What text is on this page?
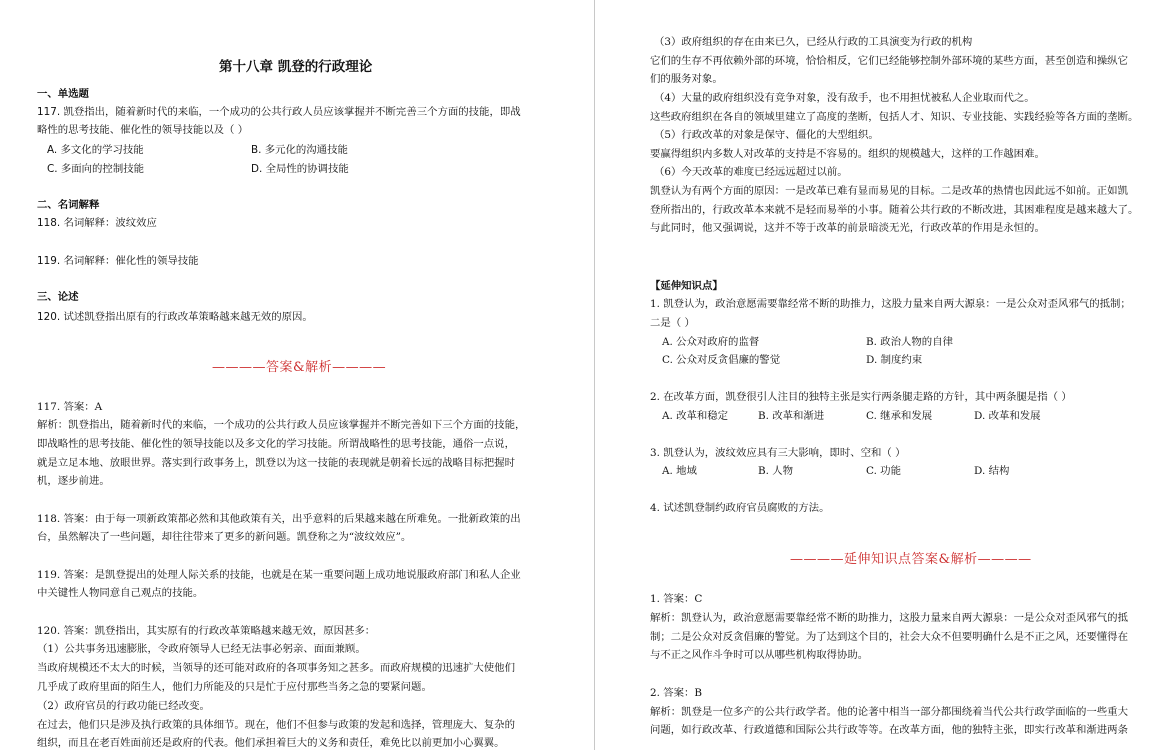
第十八章 凯登的行政理论
一、单选题
117. 凯登指出，随着新时代的来临，一个成功的公共行政人员应该掌握并不断完善三个方面的技能，即战
略性的思考技能、催化性的领导技能以及（ ）
A. 多文化的学习技能	B. 多元化的沟通技能
C. 多面向的控制技能	D. 全局性的协调技能
二、名词解释
118. 名词解释：波纹效应
119. 名词解释：催化性的领导技能
三、论述
120. 试述凯登指出原有的行政改革策略越来越无效的原因。
————答案&解析————
117. 答案：A
解析：凯登指出，随着新时代的来临，一个成功的公共行政人员应该掌握并不断完善如下三个方面的技能，
即战略性的思考技能、催化性的领导技能以及多文化的学习技能。所谓战略性的思考技能，通俗一点说，
就是立足本地、放眼世界。落实到行政事务上，凯登以为这一技能的表现就是朝着长远的战略目标把握时
机，逐步前进。
118. 答案：由于每一项新政策都必然和其他政策有关，出乎意料的后果越来越在所难免。一批新政策的出
台，虽然解决了一些问题，却往往带来了更多的新问题。凯登称之为“波纹效应”。
119. 答案：是凯登提出的处理人际关系的技能，也就是在某一重要问题上成功地说服政府部门和私人企业
中关键性人物同意自己观点的技能。
120. 答案：凯登指出，其实原有的行政改革策略越来越无效，原因甚多：
（1）公共事务迅速膨胀，令政府领导人已经无法事必躬亲、面面兼顾。
当政府规模还不太大的时候，当领导的还可能对政府的各项事务知之甚多。而政府规模的迅速扩大使他们
几乎成了政府里面的陌生人，他们力所能及的只是忙于应付那些当务之急的要紧问题。
（2）政府官员的行政功能已经改变。
在过去，他们只是涉及执行政策的具体细节。现在，他们不但参与政策的发起和选择，管理庞大、复杂的
组织，而且在老百姓面前还是政府的代表。他们承担着巨大的义务和责任，难免比以前更加小心翼翼。
（3）政府组织的存在由来已久，已经从行政的工具演变为行政的机构
它们的生存不再依赖外部的环境，恰恰相反，它们已经能够控制外部环境的某些方面，甚至创造和操纵它
们的服务对象。
（4）大量的政府组织没有竞争对象，没有敌手，也不用担忧被私人企业取而代之。
这些政府组织在各自的领域里建立了高度的垄断，包括人才、知识、专业技能、实践经验等各方面的垄断。
（5）行政改革的对象是保守、僵化的大型组织。
要赢得组织内多数人对改革的支持是不容易的。组织的规模越大，这样的工作越困难。
（6）今天改革的难度已经远远超过以前。
凯登认为有两个方面的原因：一是改革已难有显而易见的目标。二是改革的热情也因此远不如前。正如凯
登所指出的，行政改革本来就不是轻而易举的小事。随着公共行政的不断改进，其困难程度是越来越大了。
与此同时，他又强调说，这并不等于改革的前景暗淡无光，行政改革的作用是永恒的。
【延伸知识点】
1. 凯登认为，政治意愿需要靠经常不断的助推力，这股力量来自两大源泉：一是公众对歪风邪气的抵制；
二是（ ）
A. 公众对政府的监督	B. 政治人物的自律
C. 公众对反贪倡廉的警觉	D. 制度约束
2. 在改革方面，凯登很引人注目的独特主张是实行两条腿走路的方针，其中两条腿是指（ ）
A. 改革和稳定	B. 改革和渐进	C. 继承和发展	D. 改革和发展
3. 凯登认为，波纹效应具有三大影响，即时、空和（ ）
A. 地域	B. 人物	C. 功能	D. 结构
4. 试述凯登制约政府官员腐败的方法。
————延伸知识点答案&解析————
1. 答案：C
解析：凯登认为，政治意愿需要靠经常不断的助推力，这股力量来自两大源泉：一是公众对歪风邪气的抵
制；二是公众对反贪倡廉的警觉。为了达到这个目的，社会大众不但要明确什么是不正之风，还要懂得在
与不正之风作斗争时可以从哪些机构取得协助。
2. 答案：B
解析：凯登是一位多产的公共行政学者。他的论著中相当一部分都围绕着当代公共行政学面临的一些重大
问题，如行政改革、行政道德和国际公共行政等等。在改革方面，他的独特主张，即实行改革和渐进两条
